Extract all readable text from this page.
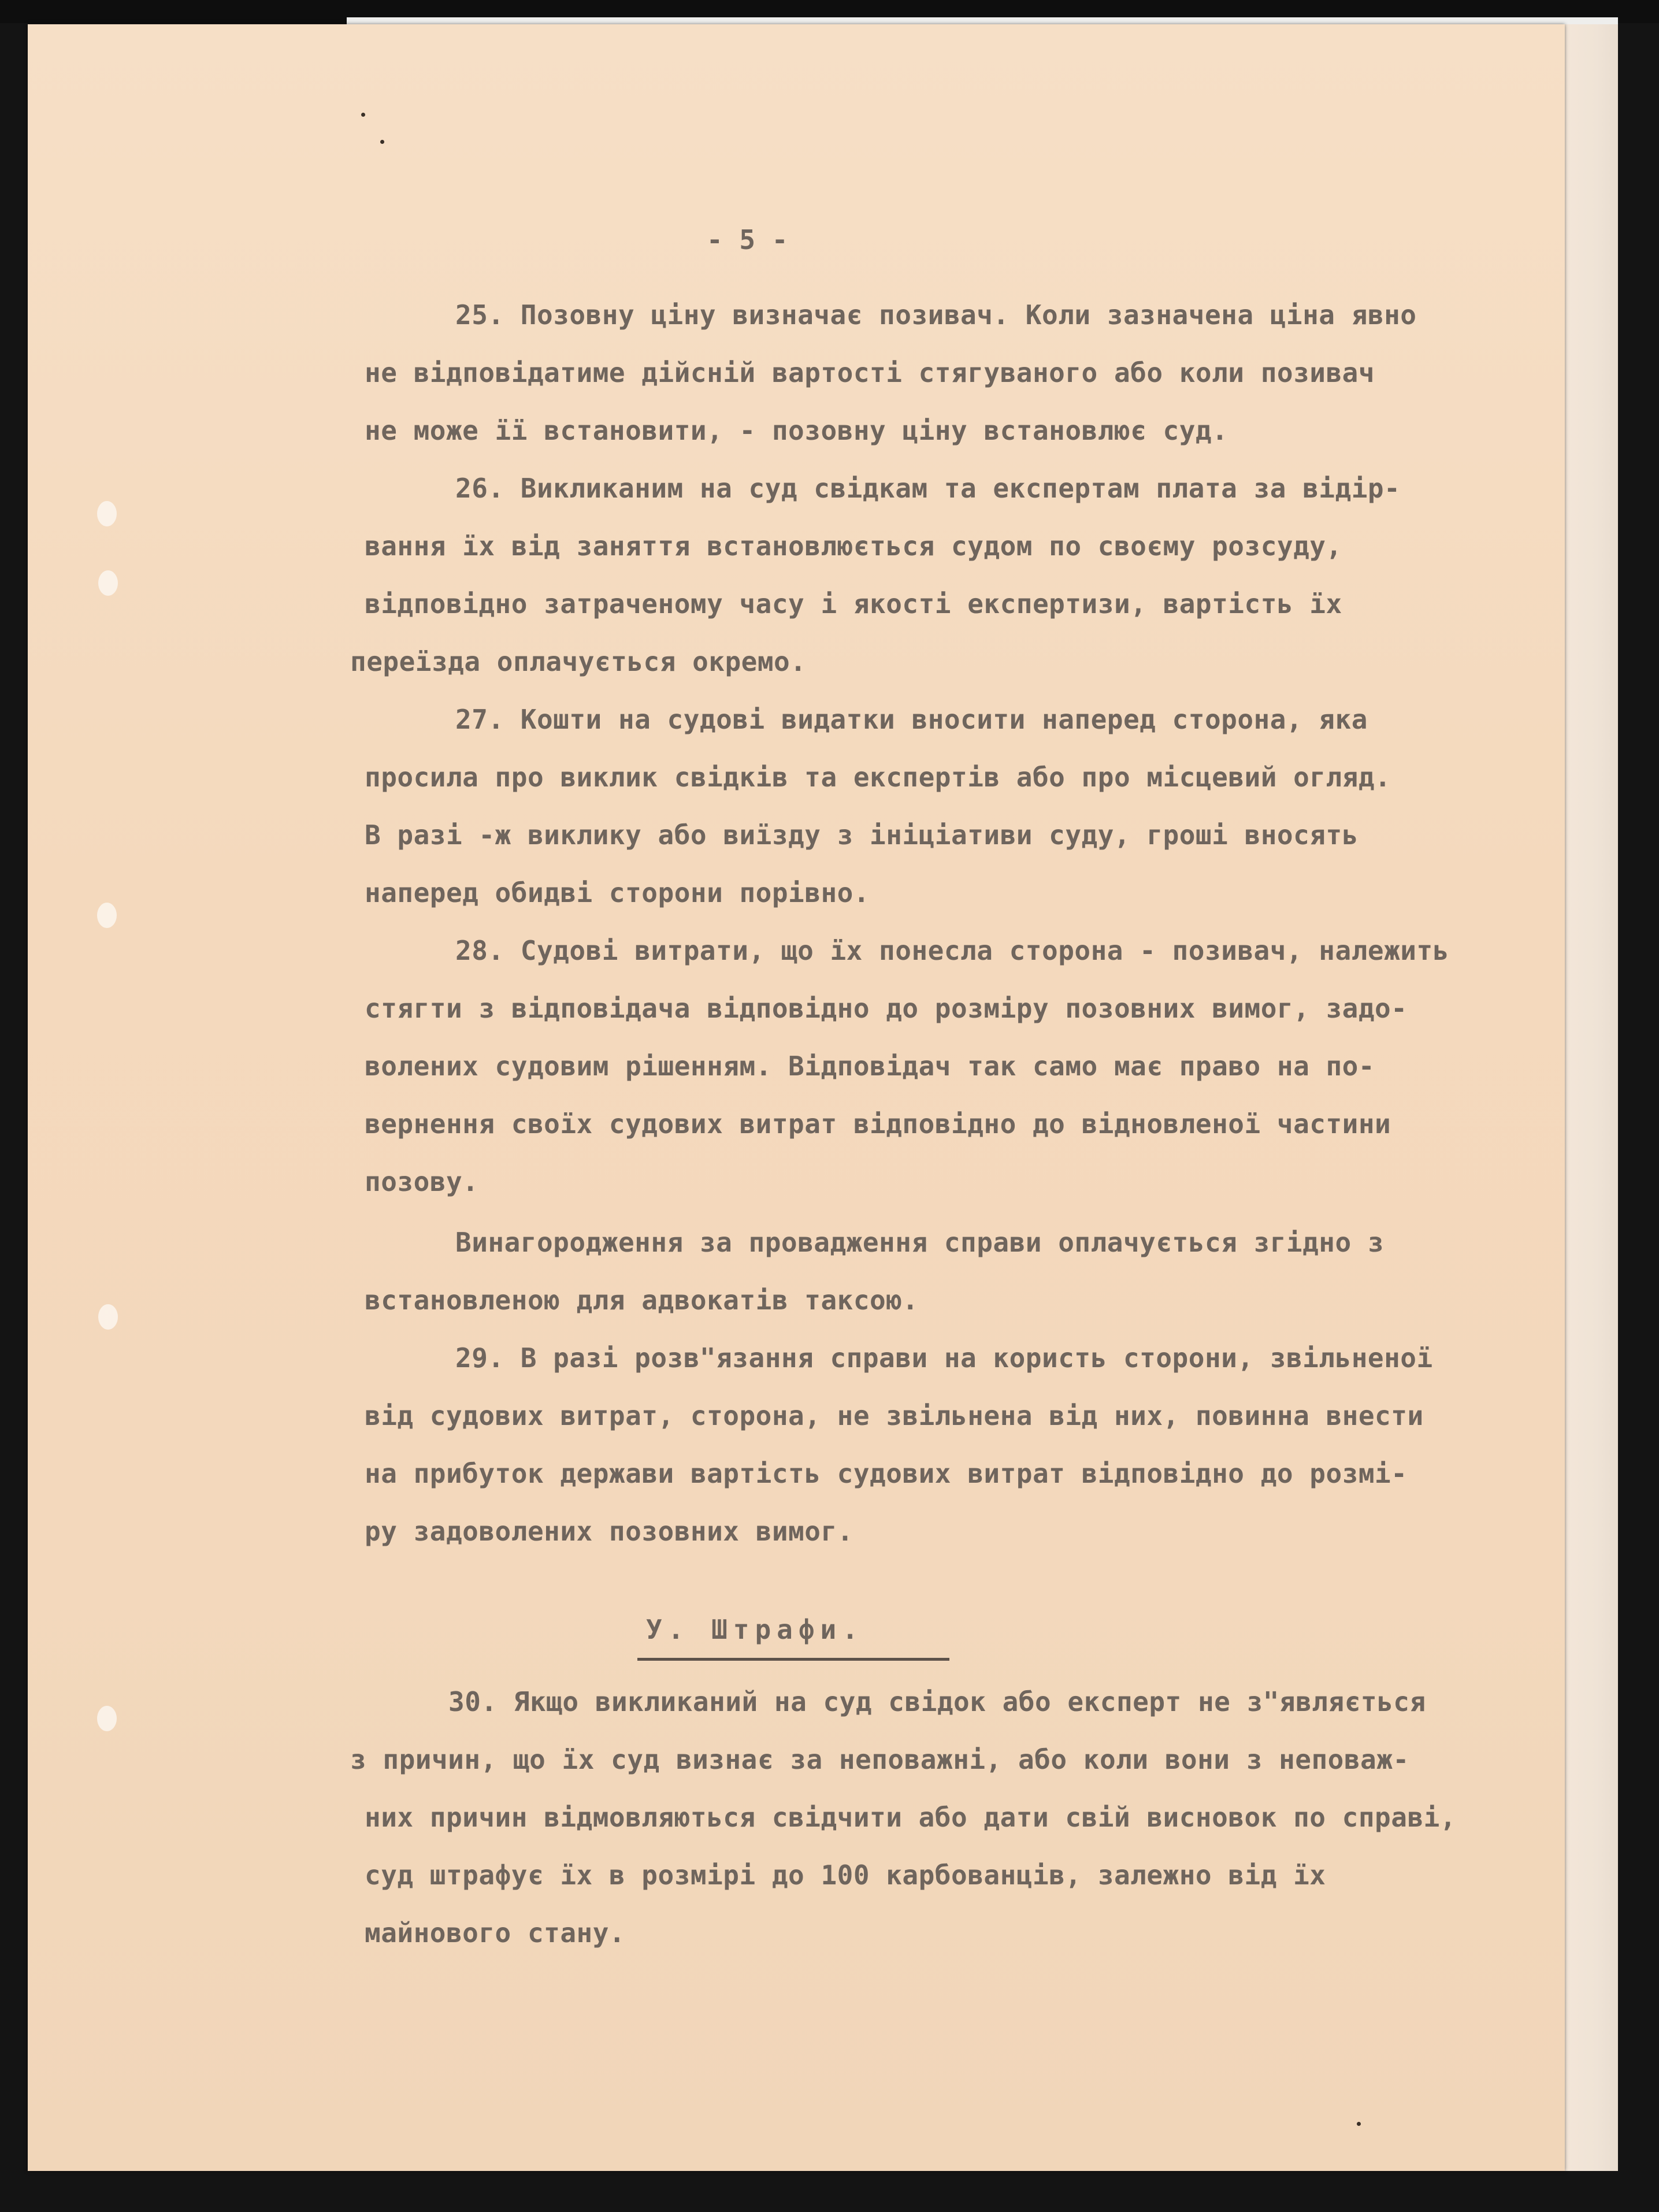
- 5 -
25. Позовну ціну визначає позивач. Коли зазначена ціна явно
не відповідатиме дійсній вартості стягуваного або коли позивач
не може її встановити, - позовну ціну встановлює суд.
26. Викликаним на суд свідкам та експертам плата за відір-
вання їх від заняття встановлюється судом по своєму розсуду,
відповідно затраченому часу і якості експертизи, вартість їх
переїзда оплачується окремо.
27. Кошти на судові видатки вносити наперед сторона, яка
просила про виклик свідків та експертів або про місцевий огляд.
В разі -ж виклику або виїзду з ініціативи суду, гроші вносять
наперед обидві сторони порівно.
28. Судові витрати, що їх понесла сторона - позивач, належить
стягти з відповідача відповідно до розміру позовних вимог, задо-
волених судовим рішенням. Відповідач так само має право на по-
вернення своїх судових витрат відповідно до відновленої частини
позову.
Винагородження за провадження справи оплачується згідно з
встановленою для адвокатів таксою.
29. В разі розв"язання справи на користь сторони, звільненої
від судових витрат, сторона, не звільнена від них, повинна внести
на прибуток держави вартість судових витрат відповідно до розмі-
ру задоволених позовних вимог.
У. Штрафи.
30. Якщо викликаний на суд свідок або експерт не з"являється
з причин, що їх суд визнає за неповажні, або коли вони з неповаж-
них причин відмовляються свідчити або дати свій висновок по справі,
суд штрафує їх в розмірі до 100 карбованців, залежно від їх
майнового стану.
